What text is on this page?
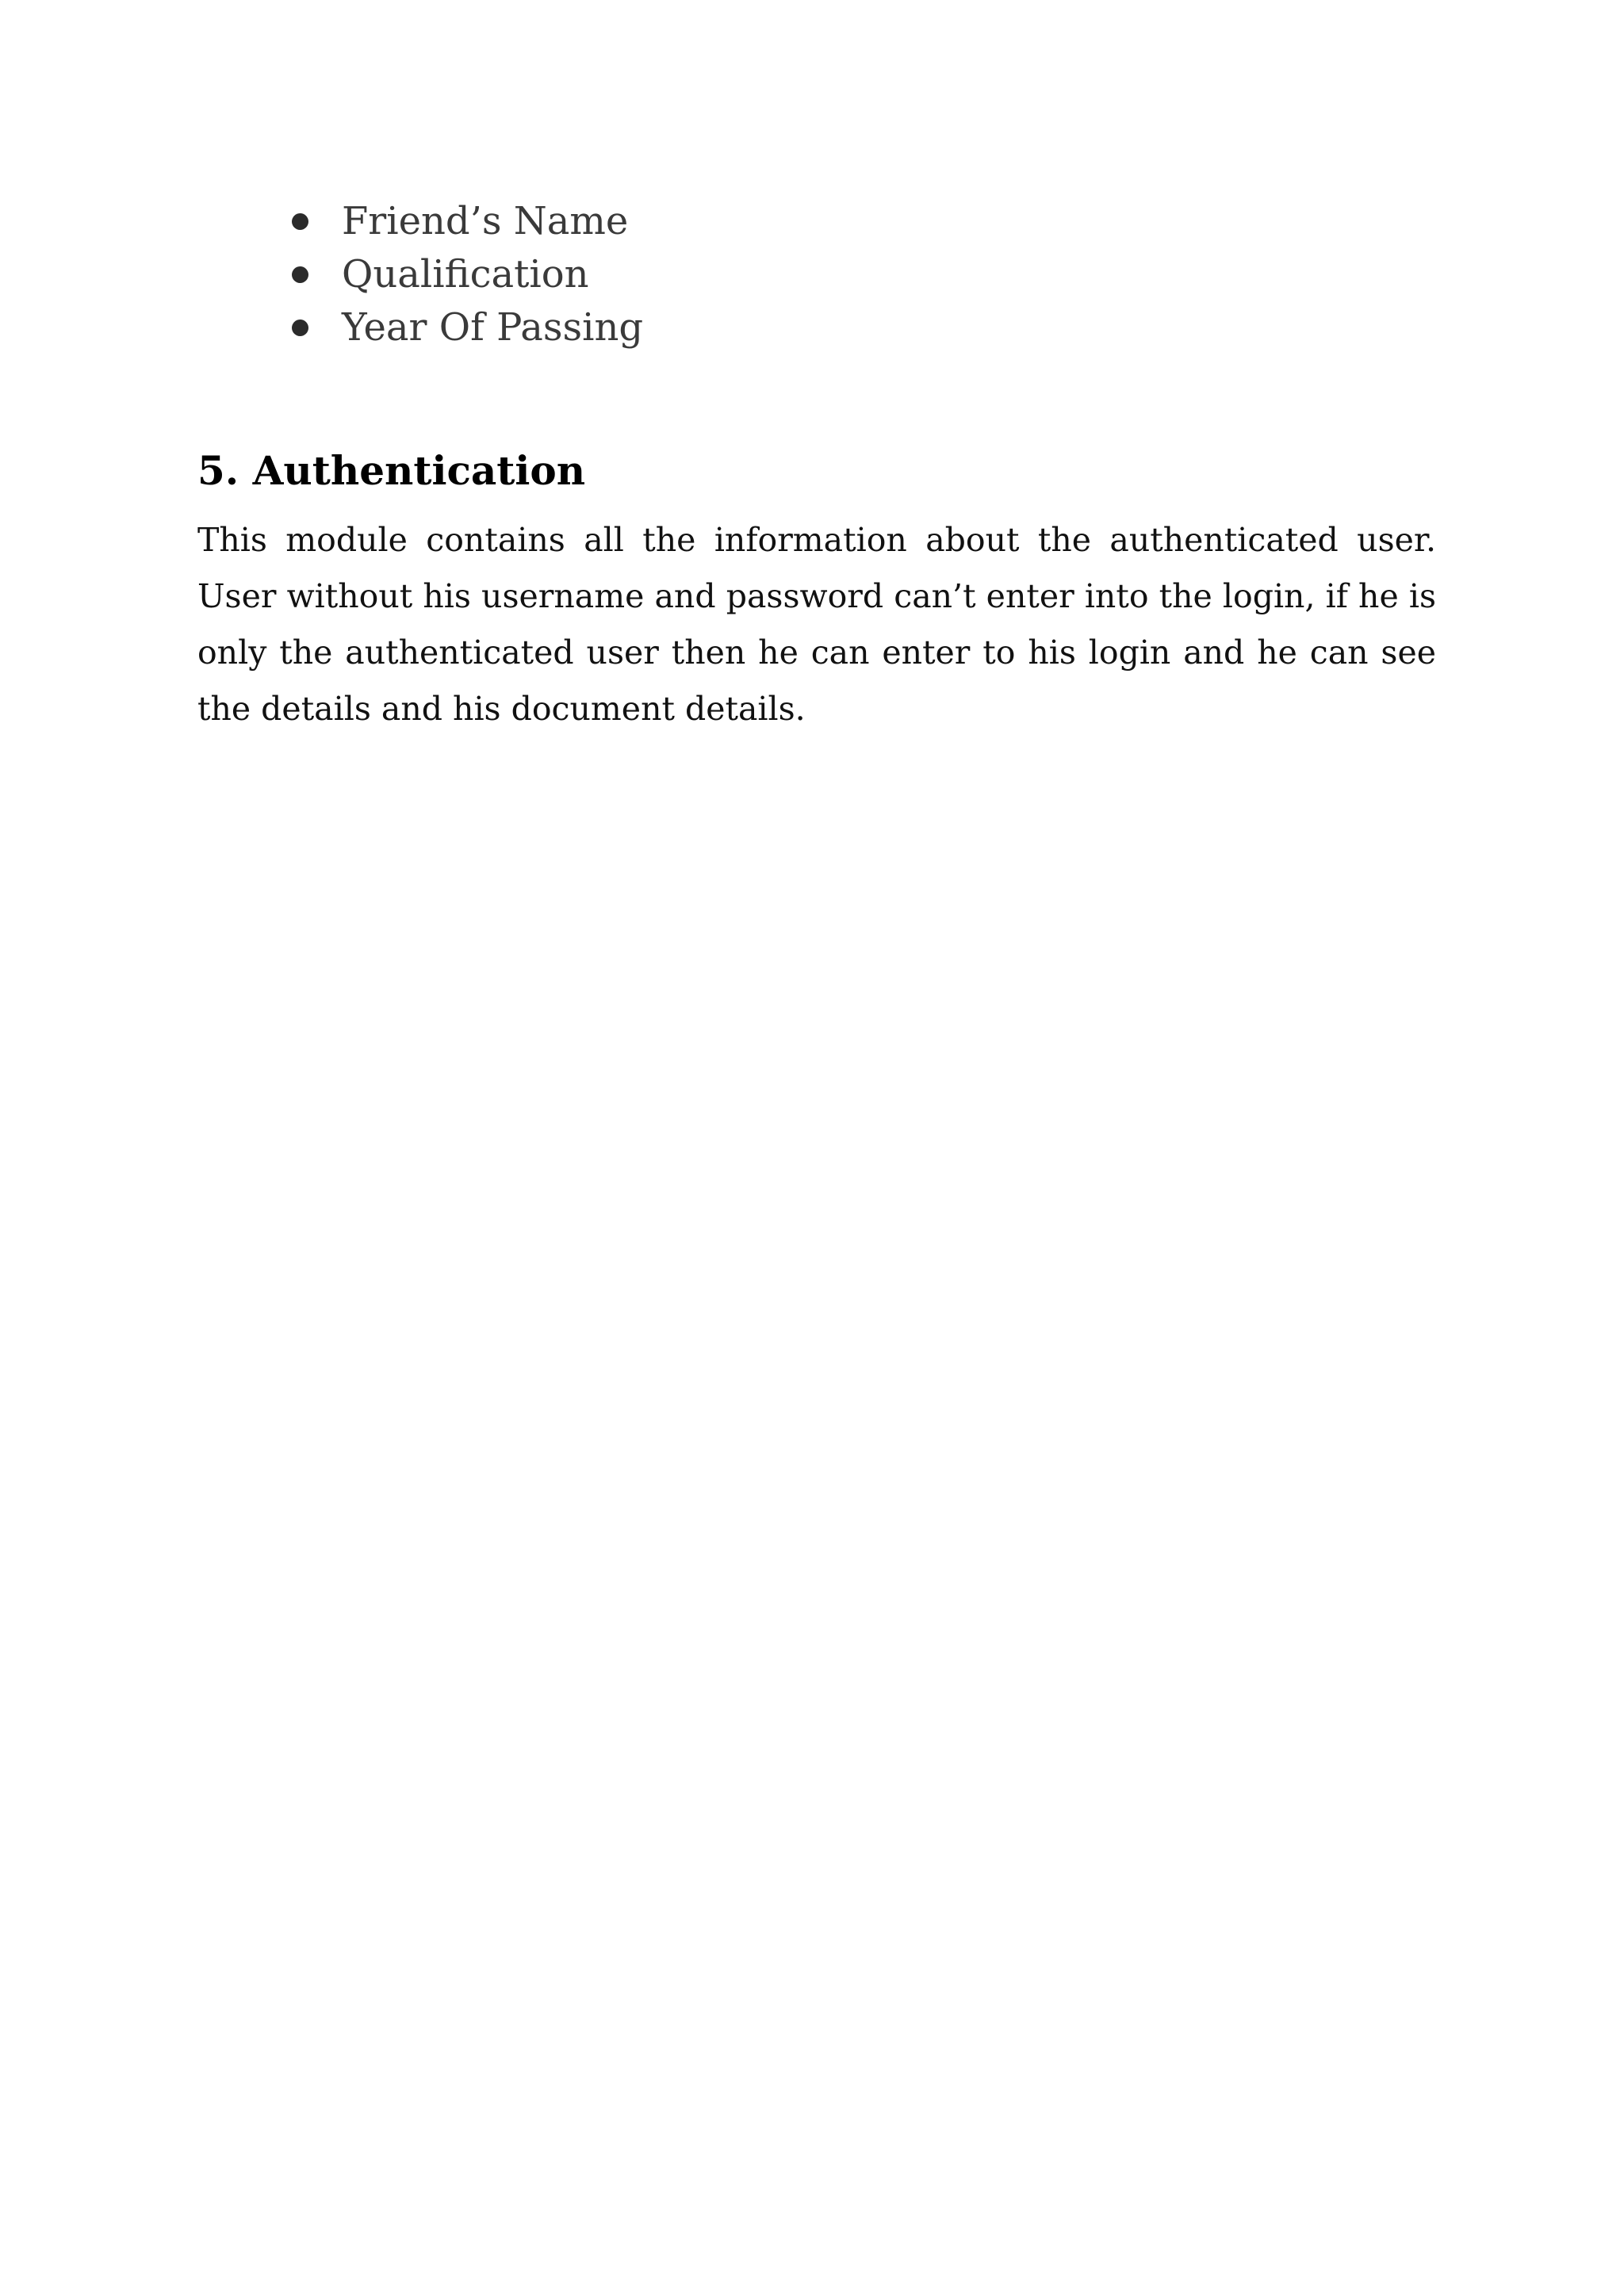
Friend’s Name
Qualification
Year Of Passing
5. Authentication

This module contains all the information about the authenticated user. User without his username and password can’t enter into the login, if he is only the authenticated user then he can enter to his login and he can see the details and his document details.
